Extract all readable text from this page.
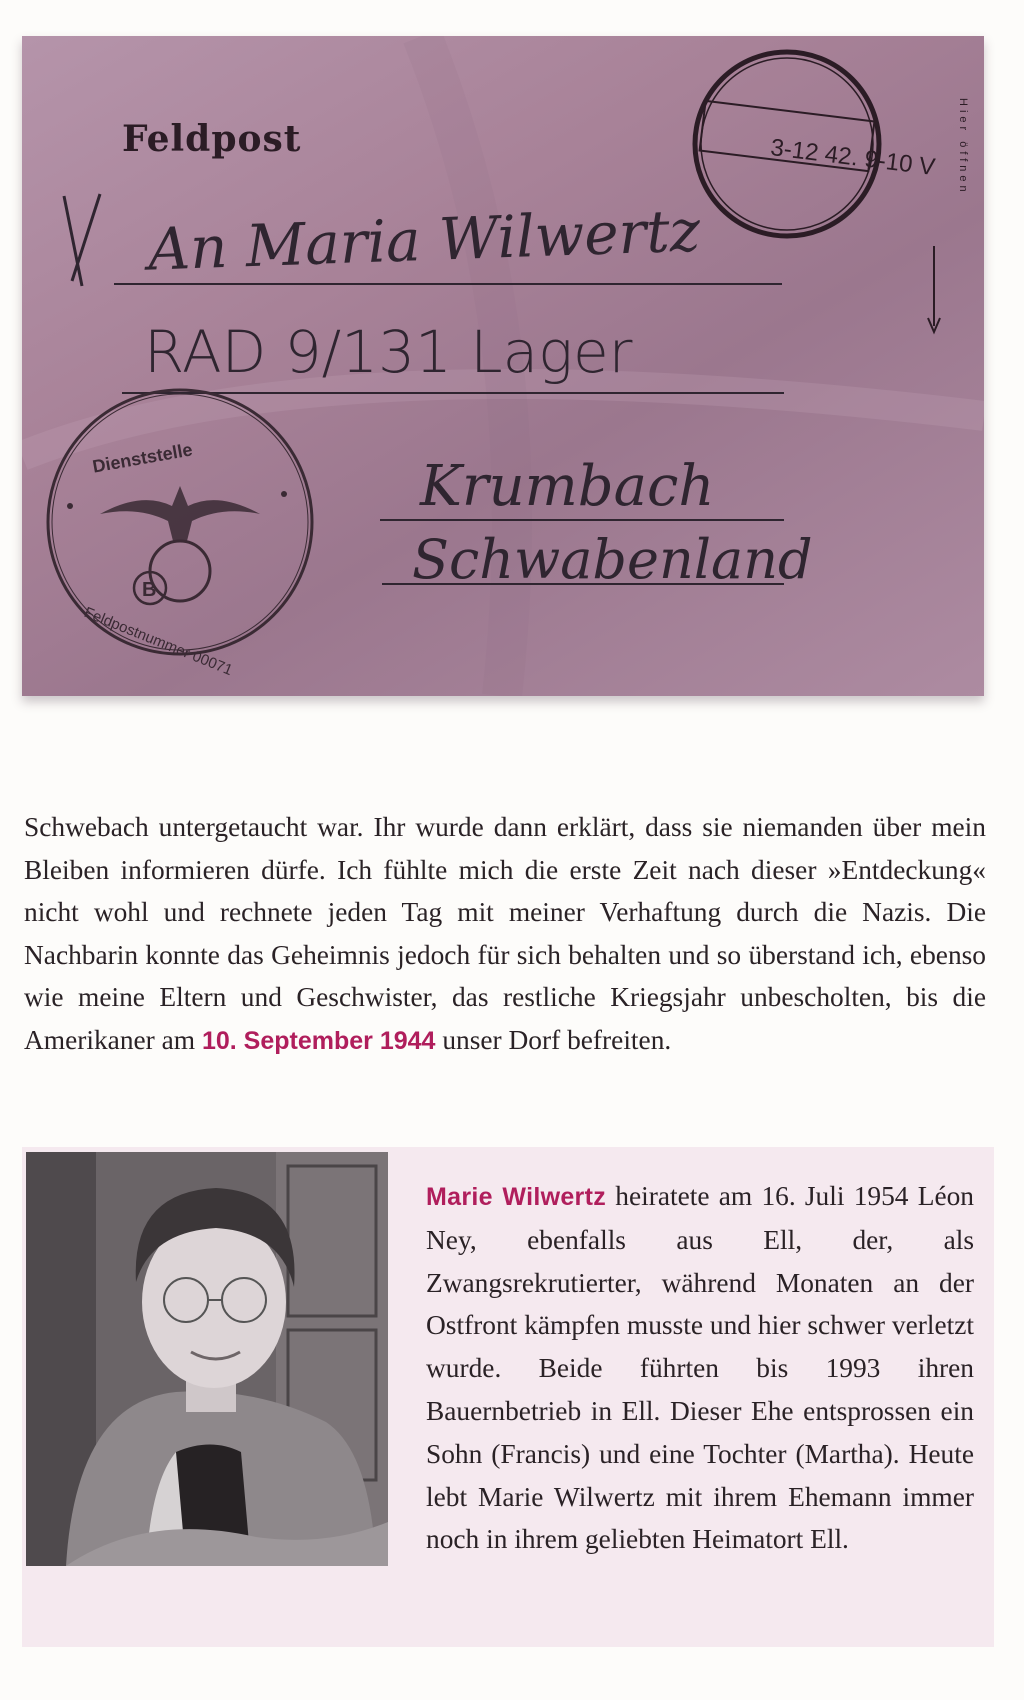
B
Feldpost	Hier öffnen
3-12 42. 9-10 V
An Maria Wilwertz
RAD 9/131 Lager
Krumbach
Schwabenland
Dienststelle
Feldpostnummer 00071

Schwebach untergetaucht war. Ihr wurde dann erklärt, dass sie niemanden über mein Bleiben informieren dürfe. Ich fühlte mich die erste Zeit nach dieser »Entdeckung« nicht wohl und rechnete jeden Tag mit meiner Verhaftung durch die Nazis. Die Nachbarin konnte das Geheimnis jedoch für sich behalten und so überstand ich, ebenso wie meine Eltern und Geschwister, das restliche Kriegsjahr unbescholten, bis die Amerikaner am 10. September 1944 unser Dorf befreiten.

Marie Wilwertz heiratete am 16. Juli 1954 Léon Ney, ebenfalls aus Ell, der, als Zwangsrekrutierter, während Monaten an der Ostfront kämpfen musste und hier schwer verletzt wurde. Beide führten bis 1993 ihren Bauernbetrieb in Ell. Dieser Ehe entsprossen ein Sohn (Francis) und eine Tochter (Martha). Heute lebt Marie Wilwertz mit ihrem Ehemann immer noch in ihrem geliebten Heimatort Ell.
